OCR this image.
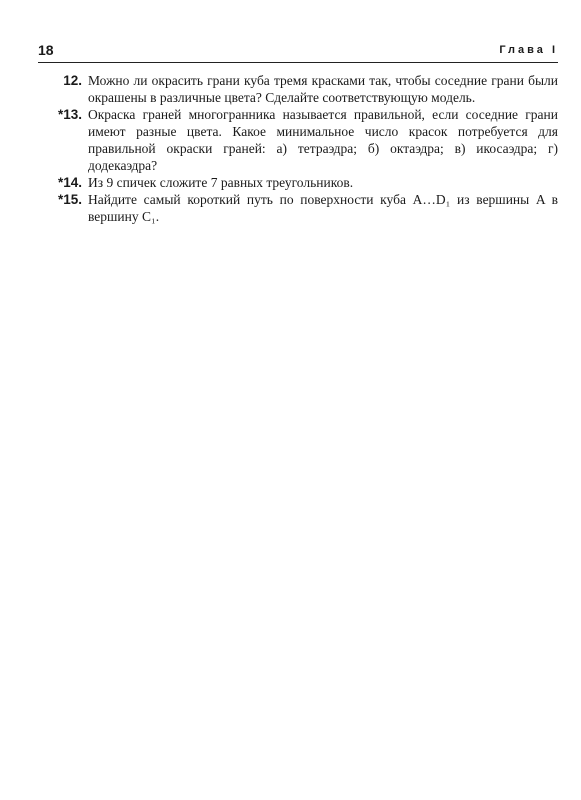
18	Глава I
12. Можно ли окрасить грани куба тремя красками так, чтобы соседние грани были окрашены в различные цвета? Сделайте соответствующую модель.
*13. Окраска граней многогранника называется правильной, если соседние грани имеют разные цвета. Какое минимальное число красок потребуется для правильной окраски граней: а) тетраэдра; б) октаэдра; в) икосаэдра; г) додекаэдра?
*14. Из 9 спичек сложите 7 равных треугольников.
*15. Найдите самый короткий путь по поверхности куба A…D₁ из вершины A в вершину C₁.
